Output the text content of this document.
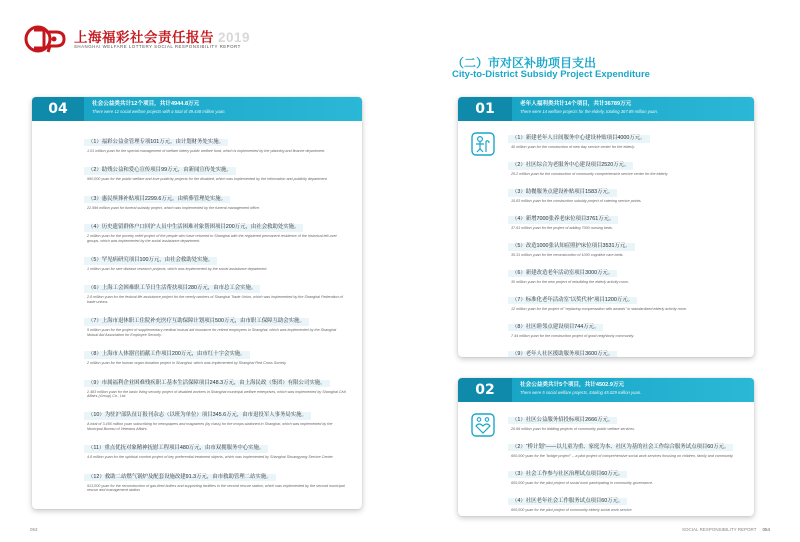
上海福彩社会责任报告 2019
SHANGHAI WELFARE LOTTERY SOCIAL RESPONSIBILITY REPORT
（二）市对区补助项目支出
City-to-District Subsidy Project Expenditure
04	社会公益类共计12个项目，共计4944.8万元
There were 12 social welfare projects with a total of 49.448 million yuan.
（1）福彩公益金管理专项101万元，由计划财务处实施。
1.01 million yuan for the special management of welfare lottery public welfare fund, which is implemented by the planning and finance department.
（2）助残公益和爱心宣传项目99万元，由新闻宣传处实施。
990,000 yuan for the public welfare and love publicity projects for the disabled, which was implemented by the information and publicity department.
（3）惠民殡葬补贴项目2299.6万元，由殡葬管理处实施。
22.996 million yuan for funeral subsidy project, which was implemented by the funeral management office.
（4）历史遗留群体户口回沪人员中生活困难对象帮困项目200万元，由社会救助处实施。
2 million yuan for the poverty relief project of the people who have returned to Shanghai with the registered permanent residence of the historical left-over groups, which was implemented by the social assistance department.
（5）罕见病研究项目100万元，由社会救助处实施。
1 million yuan for rare disease research projects, which was implemented by the social assistance department.
（6）上海工会困难职工节日生活帮扶项目280万元，由市总工会实施。
2.8 million yuan for the festival life assistance project for the needy workers of Shanghai Trade Union, which was implemented by the Shanghai Federation of trade unions.
（7）上海市退休职工住院补充医疗互助保障计划项目500万元，由市职工保障互助会实施。
5 million yuan for the project of supplementary medical mutual aid insurance for retired employees in Shanghai, which was implemented by the Shanghai Mutual Aid Association for Employee Security.
（8）上海市人体器官捐献工作项目200万元，由市红十字会实施。
2 million yuan for the human organ donation project in Shanghai, which was implemented by Shanghai Red Cross Society.
（9）市属福利企业困难残疾职工基本生活保障项目248.3万元，由上海民政（集团）有限公司实施。
2.483 million yuan for the basic living security project of disabled workers in Shanghai municipal welfare enterprises, which was implemented by Shanghai Civil Affairs (Group) Co., Ltd.
（10）为驻沪部队征订报刊杂志（以班为单位）项目345.6万元，由市退役军人事务局实施。
A total of 3.456 million yuan subscribing for newspapers and magazines (by class) for the troops stationed in Shanghai, which was implemented by the Municipal Bureau of Veterans Affairs.
（11）重点优抚对象精神抚慰工程项目480万元，由市双拥服务中心实施。
4.8 million yuan for the spiritual comfort project of key preferential treatment objects, which was implemented by Shanghai Shuangyong Service Center.
（12）救助二站燃气锅炉及配套设施改建91.3万元，由市救助管理二站实施。
913,000 yuan for the reconstruction of gas-fired boilers and supporting facilities in the second rescue station, which was implemented by the second municipal rescue and management station.
01	老年人福利类共计14个项目，共计36789万元
There were 14 welfare projects for the elderly, totaling 367.89 million yuan.
（1）新建老年人日间服务中心建设补贴项目4000万元。
40 million yuan for the construction of new day service center for the elderly.
（2）社区综合为老服务中心建设项目2520万元。
25.2 million yuan for the construction of community comprehensive service center for the elderly.
（3）助餐服务点建设补贴项目1583万元。
15.83 million yuan for the construction subsidy project of catering service points.
（4）新增7000张养老床位项目3761万元。
37.61 million yuan for the project of adding 7000 nursing beds.
（5）改造1000张认知症照护床位项目3531万元。
35.31 million yuan for the reconstruction of 1000 cognitive care beds.
（6）新建改造老年活动室项目3000万元。
30 million yuan for the new project of rebuilding the elderly activity room.
（7）标准化老年活动室“以奖代补”项目1200万元。
12 million yuan for the project of "replacing compensation with awards" in standardized elderly activity room.
（8）社区睦邻点建设项目744万元。
7.44 million yuan for the construction project of good neighborly community.
（9）老年人社区援助服务项目3600万元。
02	社会公益类共计5个项目，共计4502.9万元
There were 5 social welfare projects, totaling 45.029 million yuan.
（1）社区公益服务招投标项目2666万元。
26.66 million yuan for bidding projects of community public welfare services.
（2）“桥计划”——以儿童为重、家庭为本、社区为基的社会工作综合服务试点项目60万元。
600,000 yuan for the "bridge project" -- a pilot project of comprehensive social work services focusing on children, family and community.
（3）社会工作参与社区治理试点项目60万元。
600,000 yuan for the pilot project of social work participating in community governance.
（4）社区老年社会工作服务试点项目60万元。
600,000 yuan for the pilot project of community elderly social work service.
053	SOCIAL RESPONSIBILITY REPORT 054
